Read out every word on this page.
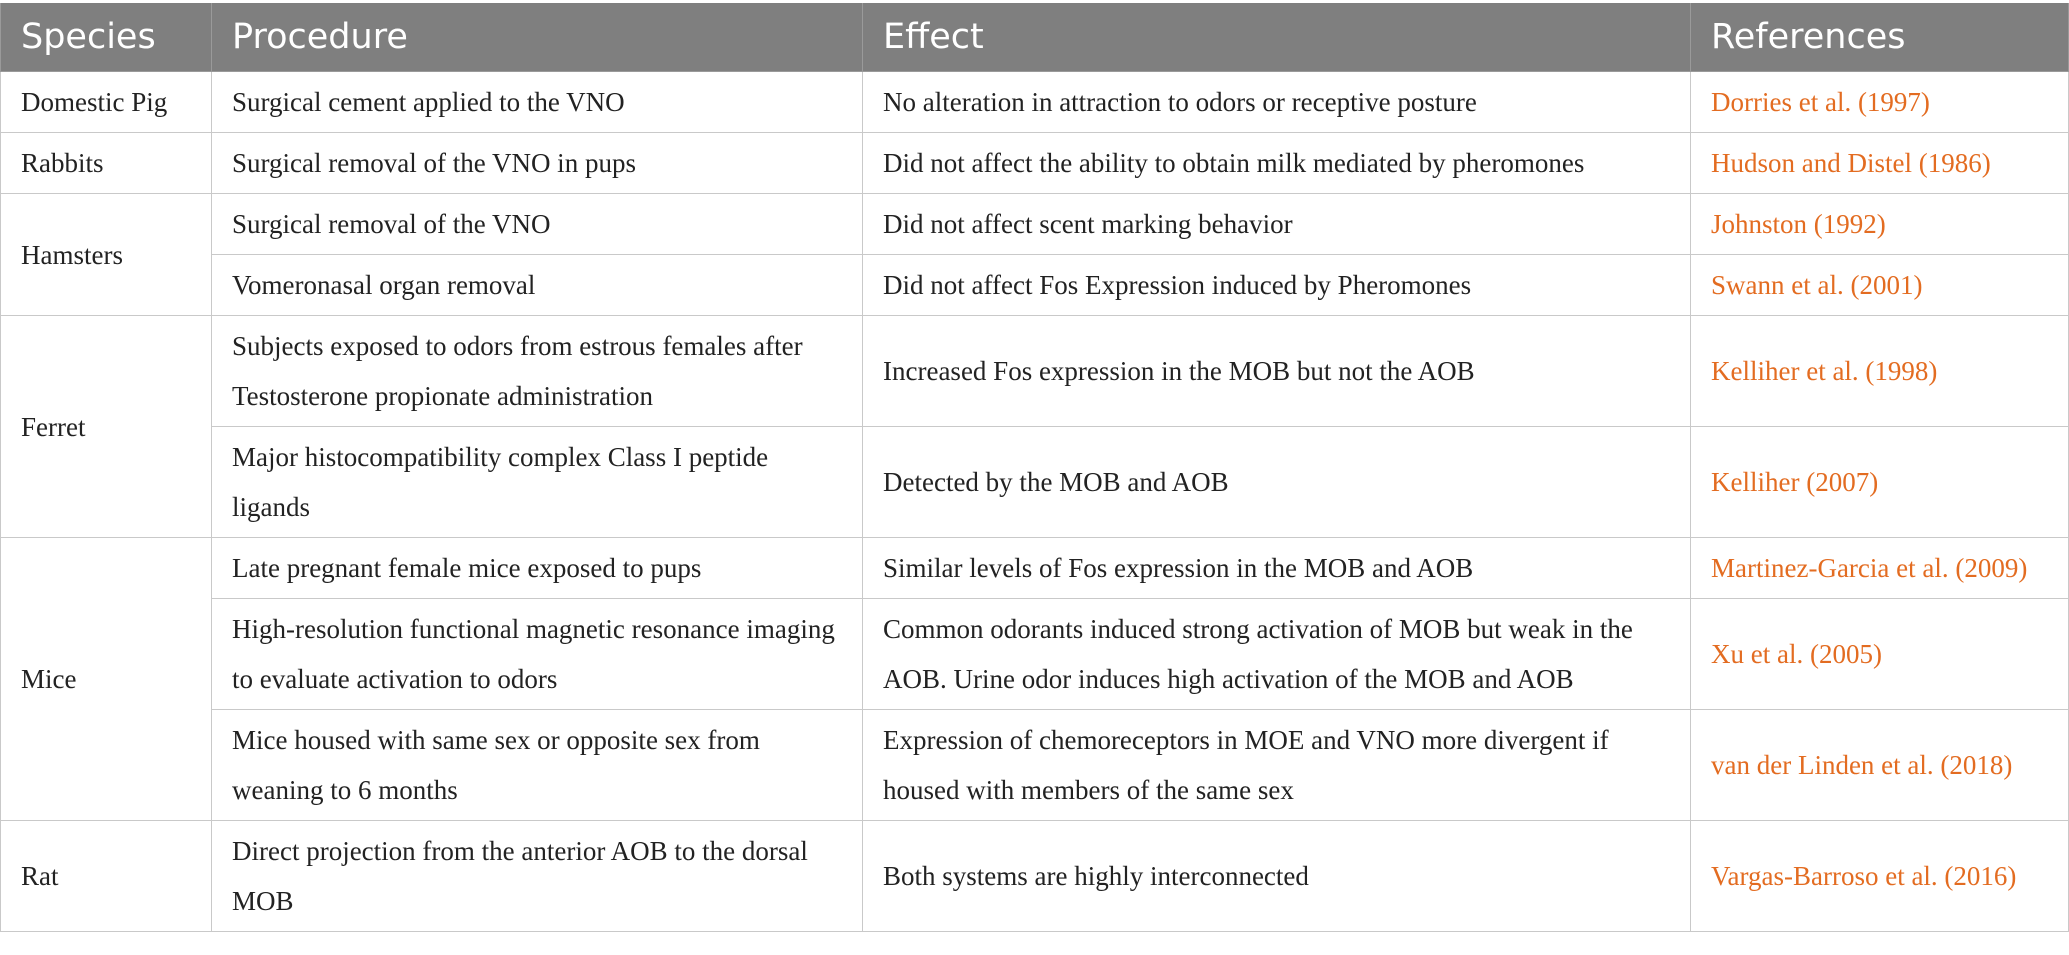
Species	Procedure	Effect	References
Domestic Pig	Surgical cement applied to the VNO	No alteration in attraction to odors or receptive posture	Dorries et al. (1997)
Rabbits	Surgical removal of the VNO in pups	Did not affect the ability to obtain milk mediated by pheromones	Hudson and Distel (1986)
Hamsters	Surgical removal of the VNO	Did not affect scent marking behavior	Johnston (1992)
	Vomeronasal organ removal	Did not affect Fos Expression induced by Pheromones	Swann et al. (2001)
Ferret	Subjects exposed to odors from estrous females after Testosterone propionate administration	Increased Fos expression in the MOB but not the AOB	Kelliher et al. (1998)
	Major histocompatibility complex Class I peptide ligands	Detected by the MOB and AOB	Kelliher (2007)
Mice	Late pregnant female mice exposed to pups	Similar levels of Fos expression in the MOB and AOB	Martinez-Garcia et al. (2009)
	High-resolution functional magnetic resonance imaging to evaluate activation to odors	Common odorants induced strong activation of MOB but weak in the AOB. Urine odor induces high activation of the MOB and AOB	Xu et al. (2005)
	Mice housed with same sex or opposite sex from weaning to 6 months	Expression of chemoreceptors in MOE and VNO more divergent if housed with members of the same sex	van der Linden et al. (2018)
Rat	Direct projection from the anterior AOB to the dorsal MOB	Both systems are highly interconnected	Vargas-Barroso et al. (2016)
